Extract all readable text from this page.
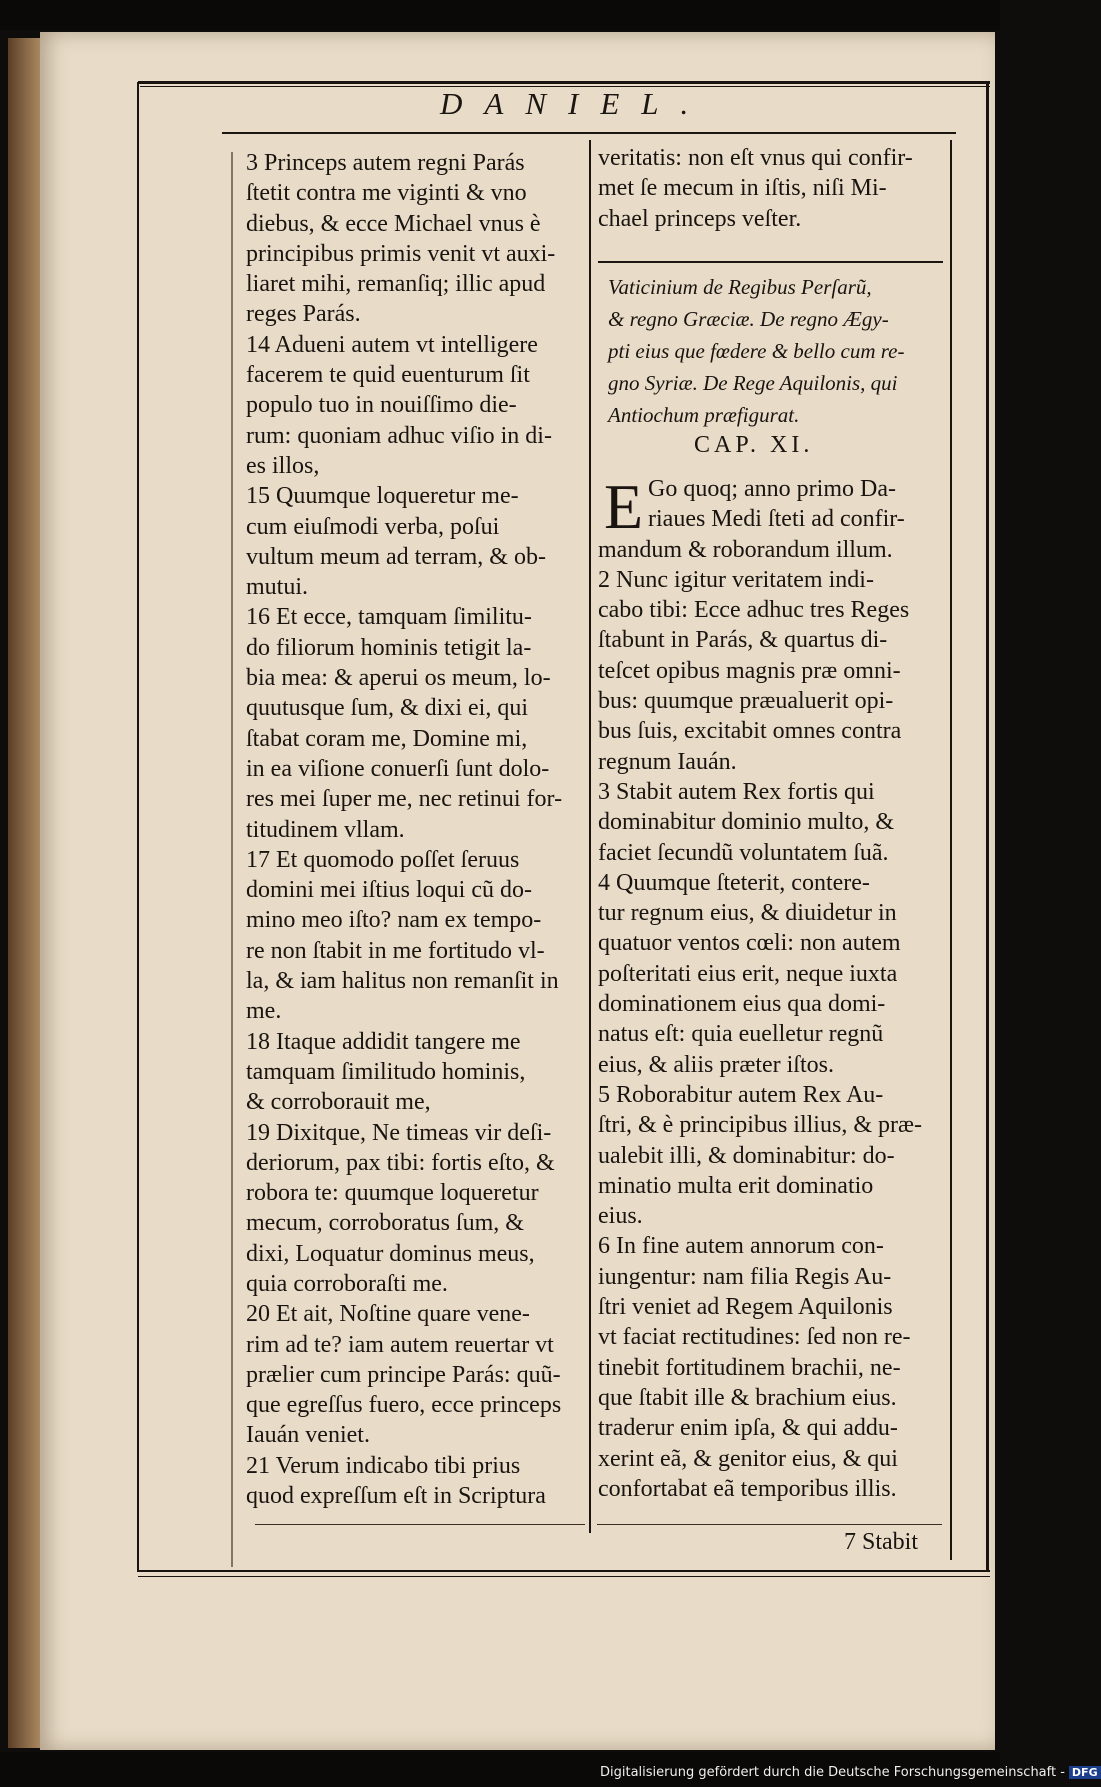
DANIEL.
3 Princeps autem regni Parás
ſtetit contra me viginti & vno
diebus, & ecce Michael vnus è
principibus primis venit vt auxi-
liaret mihi, remanſiq; illic apud
reges Parás.
14 Adueni autem vt intelligere
facerem te quid euenturum ſit
populo tuo in nouiſſimo die-
rum: quoniam adhuc viſio in di-
es illos,
15 Quumque loqueretur me-
cum eiuſmodi verba, poſui
vultum meum ad terram, & ob-
mutui.
16 Et ecce, tamquam ſimilitu-
do filiorum hominis tetigit la-
bia mea: & aperui os meum, lo-
quutusque ſum, & dixi ei, qui
ſtabat coram me, Domine mi,
in ea viſione conuerſi ſunt dolo-
res mei ſuper me, nec retinui for-
titudinem vllam.
17 Et quomodo poſſet ſeruus
domini mei iſtius loqui cũ do-
mino meo iſto? nam ex tempo-
re non ſtabit in me fortitudo vl-
la, & iam halitus non remanſit in
me.
18 Itaque addidit tangere me
tamquam ſimilitudo hominis,
& corroborauit me,
19 Dixitque, Ne timeas vir deſi-
deriorum, pax tibi: fortis eſto, &
robora te: quumque loqueretur
mecum, corroboratus ſum, &
dixi, Loquatur dominus meus,
quia corroboraſti me.
20 Et ait, Noſtine quare vene-
rim ad te? iam autem reuertar vt
prælier cum principe Parás: quũ-
que egreſſus fuero, ecce princeps
Iauán veniet.
21 Verum indicabo tibi prius
quod expreſſum eſt in Scriptura
veritatis: non eſt vnus qui confir-
met ſe mecum in iſtis, niſi Mi-
chael princeps veſter.
Vaticinium de Regibus Perſarũ,
& regno Græciæ. De regno Ægy-
pti eius que fœdere & bello cum re-
gno Syriæ. De Rege Aquilonis, qui
Antiochum præfigurat.
CAP. XI.
E Go quoq; anno primo Da-
riaues Medi ſteti ad confir-
mandum & roborandum illum.
2 Nunc igitur veritatem indi-
cabo tibi: Ecce adhuc tres Reges
ſtabunt in Parás, & quartus di-
teſcet opibus magnis præ omni-
bus: quumque præualuerit opi-
bus ſuis, excitabit omnes contra
regnum Iauán.
3 Stabit autem Rex fortis qui
dominabitur dominio multo, &
faciet ſecundũ voluntatem ſuã.
4 Quumque ſteterit, contere-
tur regnum eius, & diuidetur in
quatuor ventos cœli: non autem
poſteritati eius erit, neque iuxta
dominationem eius qua domi-
natus eſt: quia euelletur regnũ
eius, & aliis præter iſtos.
5 Roborabitur autem Rex Au-
ſtri, & è principibus illius, & præ-
ualebit illi, & dominabitur: do-
minatio multa erit dominatio
eius.
6 In fine autem annorum con-
iungentur: nam filia Regis Au-
ſtri veniet ad Regem Aquilonis
vt faciat rectitudines: ſed non re-
tinebit fortitudinem brachii, ne-
que ſtabit ille & brachium eius.
traderur enim ipſa, & qui addu-
xerint eã, & genitor eius, & qui
confortabat eã temporibus illis.
7 Stabit
Digitalisierung gefördert durch die Deutsche Forschungsgemeinschaft - DFG
